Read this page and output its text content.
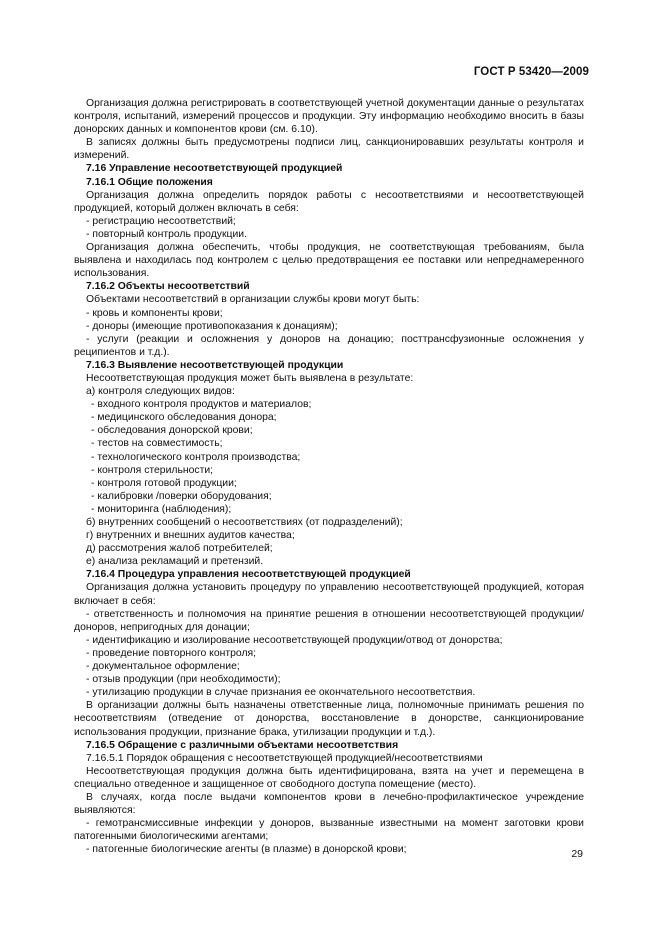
ГОСТ Р 53420—2009

Организация должна регистрировать в соответствующей учетной документации данные о результатах контроля, испытаний, измерений процессов и продукции. Эту информацию необходимо вносить в базы донорских данных и компонентов крови (см. 6.10).

В записях должны быть предусмотрены подписи лиц, санкционировавших результаты контроля и измерений.

7.16 Управление несоответствующей продукцией

7.16.1 Общие положения

Организация должна определить порядок работы с несоответствиями и несоответствующей продукцией, который должен включать в себя:

- регистрацию несоответствий;

- повторный контроль продукции.

Организация должна обеспечить, чтобы продукция, не соответствующая требованиям, была выявлена и находилась под контролем с целью предотвращения ее поставки или непреднамеренного использования.

7.16.2 Объекты несоответствий

Объектами несоответствий в организации службы крови могут быть:

- кровь и компоненты крови;

- доноры (имеющие противопоказания к донациям);

- услуги (реакции и осложнения у доноров на донацию; посттрансфузионные осложнения у реципиентов и т.д.).

7.16.3 Выявление несоответствующей продукции

Несоответствующая продукция может быть выявлена в результате:

а) контроля следующих видов:

- входного контроля продуктов и материалов;

- медицинского обследования донора;

- обследования донорской крови;

- тестов на совместимость;

- технологического контроля производства;

- контроля стерильности;

- контроля готовой продукции;

- калибровки /поверки оборудования;

- мониторинга (наблюдения);

б) внутренних сообщений о несоответствиях (от подразделений);

г) внутренних и внешних аудитов качества;

д) рассмотрения жалоб потребителей;

е) анализа рекламаций и претензий.

7.16.4 Процедура управления несоответствующей продукцией

Организация должна установить процедуру по управлению несоответствующей продукцией, которая включает в себя:

- ответственность и полномочия на принятие решения в отношении несоответствующей продукции/доноров, непригодных для донации;

- идентификацию и изолирование несоответствующей продукции/отвод от донорства;

- проведение повторного контроля;

- документальное оформление;

- отзыв продукции (при необходимости);

- утилизацию продукции в случае признания ее окончательного несоответствия.

В организации должны быть назначены ответственные лица, полномочные принимать решения по несоответствиям (отведение от донорства, восстановление в донорстве, санкционирование использования продукции, признание брака, утилизации продукции и т.д.).

7.16.5 Обращение с различными объектами несоответствия

7.16.5.1 Порядок обращения с несоответствующей продукцией/несоответствиями

Несоответствующая продукция должна быть идентифицирована, взята на учет и перемещена в специально отведенное и защищенное от свободного доступа помещение (место).

В случаях, когда после выдачи компонентов крови в лечебно-профилактическое учреждение выявляются:

- гемотрансмиссивные инфекции у доноров, вызванные известными на момент заготовки крови патогенными биологическими агентами;

- патогенные биологические агенты (в плазме) в донорской крови;	29
